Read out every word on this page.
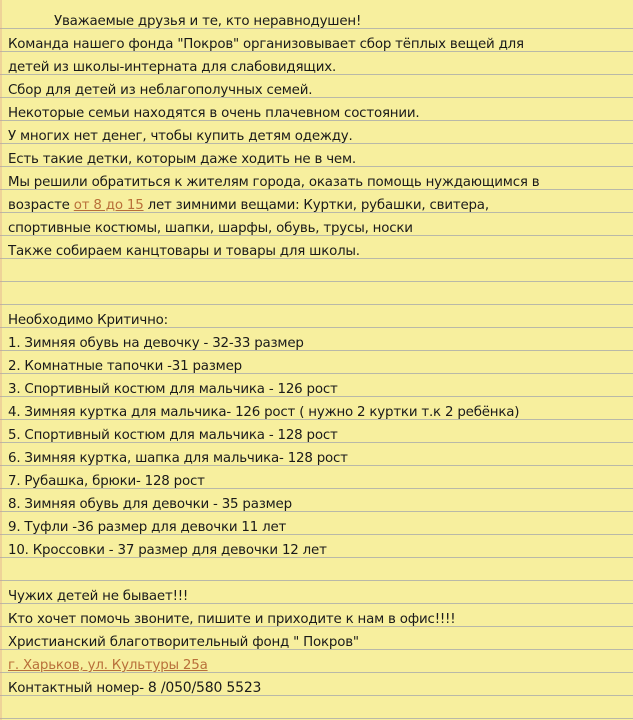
Уважаемые друзья и те, кто неравнодушен!
Команда нашего фонда "Покров" организовывает сбор тёплых вещей для
детей из школы-интерната для слабовидящих.
Сбор для детей из неблагополучных семей.
Некоторые семьи находятся в очень плачевном состоянии.
У многих нет денег, чтобы купить детям одежду.
Есть такие детки, которым даже ходить не в чем.
Мы решили обратиться к жителям города, оказать помощь нуждающимся в
возрасте от 8 до 15 лет зимними вещами: Куртки, рубашки, свитера,
спортивные костюмы, шапки, шарфы, обувь, трусы, носки
Также собираем канцтовары и товары для школы.
Необходимо Критично:
1. Зимняя обувь на девочку - 32-33 размер
2. Комнатные тапочки -31 размер
3. Спортивный костюм для мальчика - 126 рост
4. Зимняя куртка для мальчика- 126 рост ( нужно 2 куртки т.к 2 ребёнка)
5. Спортивный костюм для мальчика - 128 рост
6. Зимняя куртка, шапка для мальчика- 128 рост
7. Рубашка, брюки- 128 рост
8. Зимняя обувь для девочки - 35 размер
9. Туфли -36 размер для девочки 11 лет
10. Кроссовки - 37 размер для девочки 12 лет
Чужих детей не бывает!!!
Кто хочет помочь звоните, пишите и приходите к нам в офис!!!!
Христианский благотворительный фонд " Покров"
г. Харьков, ул. Культуры 25а
Контактный номер- 8 /050/580 5523
